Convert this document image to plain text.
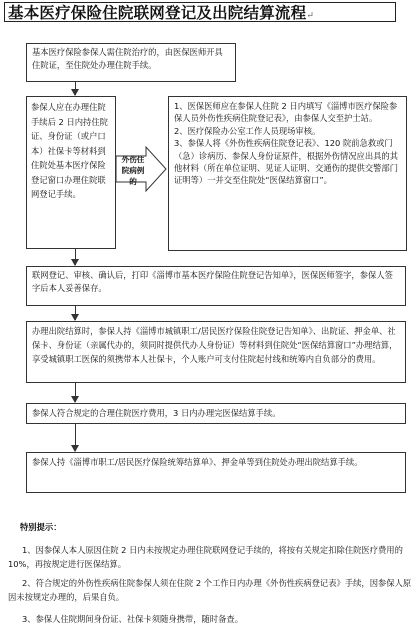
基本医疗保险住院联网登记及出院结算流程↵

基本医疗保险参保人需住院治疗的，由医保医师开具住院证，至住院处办理住院手续。

参保人应在办理住院手续后 2 日内持住院证、身份证（或户口本）社保卡等材料到住院处基本医疗保险登记窗口办理住院联网登记手续。

外伤住院病例的

1、医保医师应在参保人住院 2 日内填写《淄博市医疗保险参保人员外伤性疾病住院登记表》，由参保人交至护士站。

2、医疗保险办公室工作人员现场审核。

3、参保人将《外伤性疾病住院登记表》、120 院前急救或门（急）诊病历、参保人身份证原件，根据外伤情况应出具的其他材料（所在单位证明、见证人证明、交通伤的提供交警部门证明等）一并交至住院处“医保结算窗口”。

联网登记、审核、确认后，打印《淄博市基本医疗保险住院登记告知单》，医保医师签字，参保人签字后本人妥善保存。

办理出院结算时，参保人持《淄博市城镇职工/居民医疗保险住院登记告知单》、出院证、押金单、社保卡、身份证（亲属代办的，须同时提供代办人身份证）等材料到住院处“医保结算窗口”办理结算，享受城镇职工医保的须携带本人社保卡，个人账户可支付住院起付线和统筹内自负部分的费用。

参保人符合规定的合理住院医疗费用，3 日内办理完医保结算手续。

参保人持《淄博市职工/居民医疗保险统筹结算单》、押金单等到住院处办理出院结算手续。

特别提示：
1、因参保人本人原因住院 2 日内未按规定办理住院联网登记手续的，将按有关规定扣除住院医疗费用的 10%，再按规定进行医保结算。
2、符合规定的外伤性疾病住院参保人须在住院 2 个工作日内办理《外伤性疾病登记表》手续，因参保人原因未按规定办理的，后果自负。
3、参保人住院期间身份证、社保卡须随身携带，随时备查。
